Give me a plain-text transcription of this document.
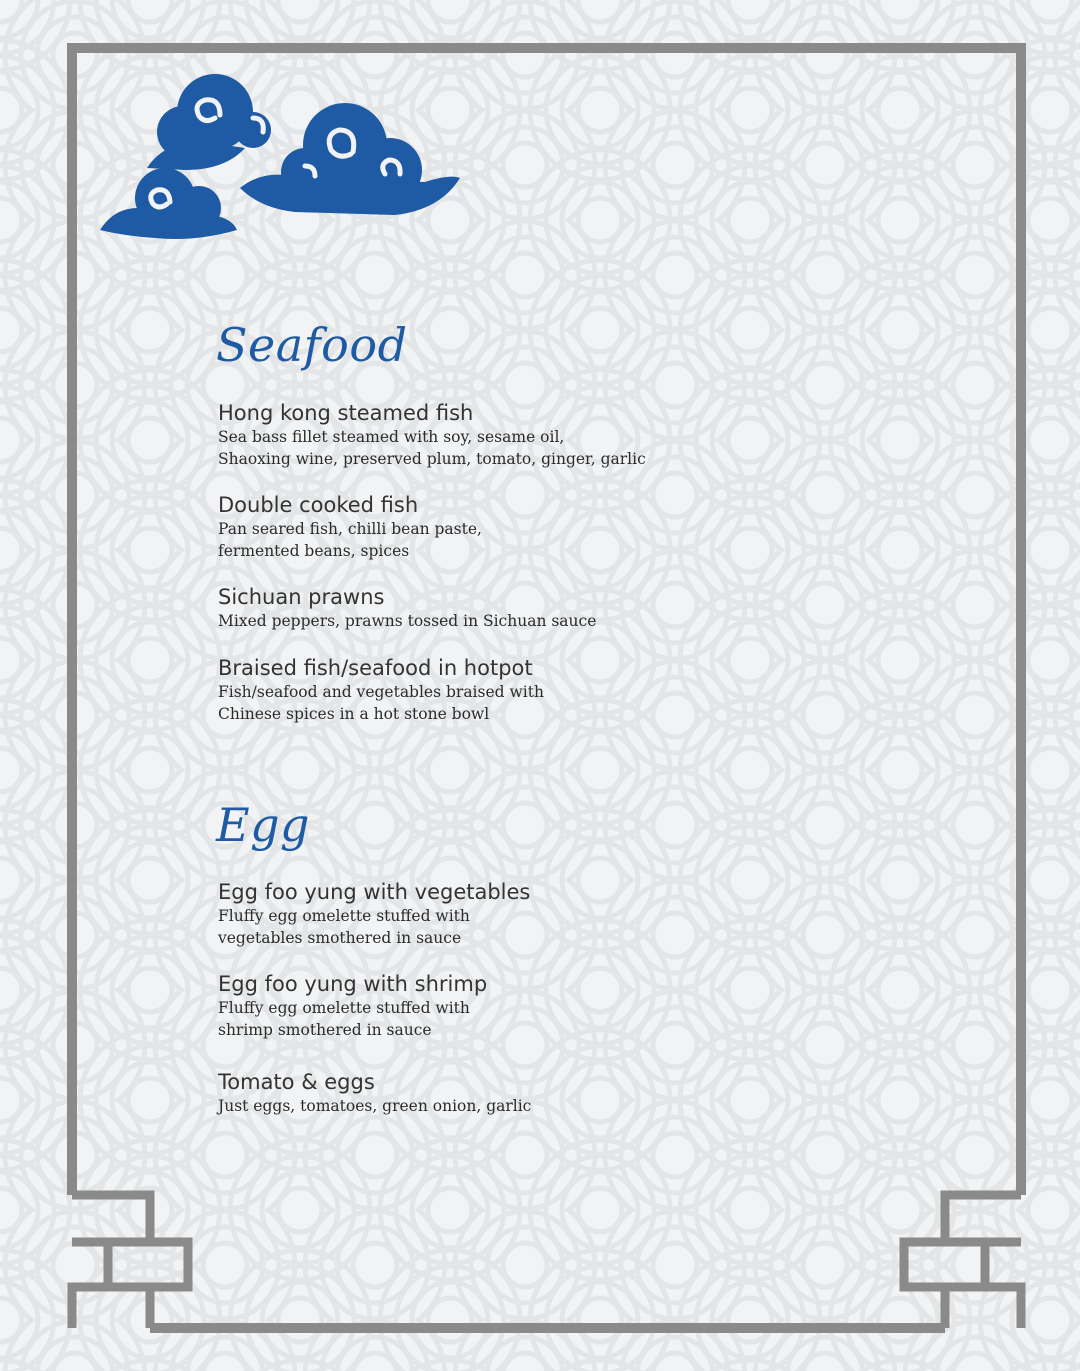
Seafood
Hong kong steamed fish
Sea bass fillet steamed with soy, sesame oil,
Shaoxing wine, preserved plum, tomato, ginger, garlic
Double cooked fish
Pan seared fish, chilli bean paste,
fermented beans, spices
Sichuan prawns
Mixed peppers, prawns tossed in Sichuan sauce
Braised fish/seafood in hotpot
Fish/seafood and vegetables braised with
Chinese spices in a hot stone bowl
Egg
Egg foo yung with vegetables
Fluffy egg omelette stuffed with
vegetables smothered in sauce
Egg foo yung with shrimp
Fluffy egg omelette stuffed with
shrimp smothered in sauce
Tomato & eggs
Just eggs, tomatoes, green onion, garlic
